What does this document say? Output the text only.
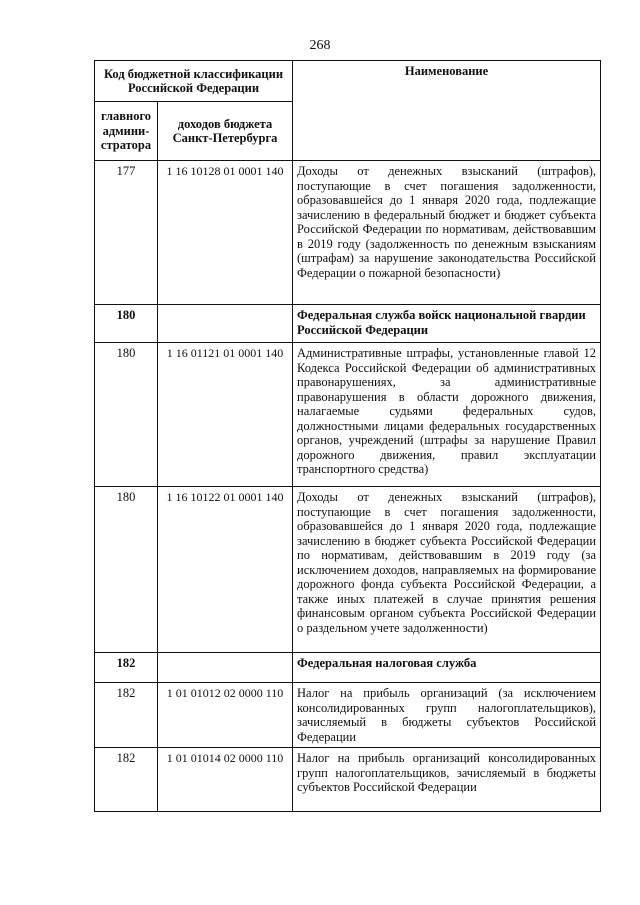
268
Код бюджетной классификации Российской Федерации		Наименование
главного админи-стратора	доходов бюджета Санкт-Петербурга	
177	1 16 10128 01 0001 140	Доходы от денежных взысканий (штрафов), поступающие в счет погашения задолженности, образовавшейся до 1 января 2020 года, подлежащие зачислению в федеральный бюджет и бюджет субъекта Российской Федерации по нормативам, действовавшим в 2019 году (задолженность по денежным взысканиям (штрафам) за нарушение законодательства Российской Федерации о пожарной безопасности)
180		Федеральная служба войск национальной гвардии Российской Федерации
180	1 16 01121 01 0001 140	Административные штрафы, установленные главой 12 Кодекса Российской Федерации об административных правонарушениях, за административные правонарушения в области дорожного движения, налагаемые судьями федеральных судов, должностными лицами федеральных государственных органов, учреждений (штрафы за нарушение Правил дорожного движения, правил эксплуатации транспортного средства)
180	1 16 10122 01 0001 140	Доходы от денежных взысканий (штрафов), поступающие в счет погашения задолженности, образовавшейся до 1 января 2020 года, подлежащие зачислению в бюджет субъекта Российской Федерации по нормативам, действовавшим в 2019 году (за исключением доходов, направляемых на формирование дорожного фонда субъекта Российской Федерации, а также иных платежей в случае принятия решения финансовым органом субъекта Российской Федерации о раздельном учете задолженности)
182		Федеральная налоговая служба
182	1 01 01012 02 0000 110	Налог на прибыль организаций (за исключением консолидированных групп налогоплательщиков), зачисляемый в бюджеты субъектов Российской Федерации
182	1 01 01014 02 0000 110	Налог на прибыль организаций консолидированных групп налогоплательщиков, зачисляемый в бюджеты субъектов Российской Федерации
